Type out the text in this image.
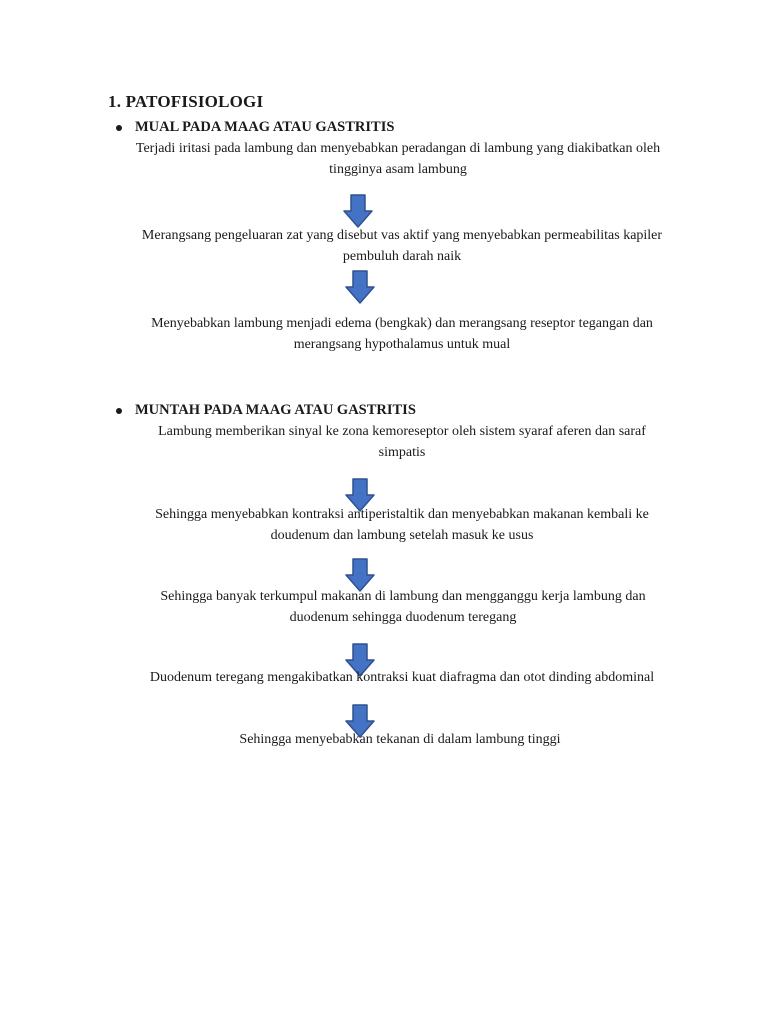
1. PATOFISIOLOGI
MUAL PADA MAAG ATAU GASTRITIS
Terjadi iritasi pada lambung dan menyebabkan peradangan di lambung yang diakibatkan oleh tingginya asam lambung
Merangsang pengeluaran zat yang disebut vas aktif yang menyebabkan permeabilitas kapiler pembuluh darah naik
Menyebabkan lambung menjadi edema (bengkak) dan merangsang reseptor tegangan dan merangsang hypothalamus untuk mual
MUNTAH PADA MAAG ATAU GASTRITIS
Lambung memberikan sinyal ke zona kemoreseptor oleh sistem syaraf aferen dan saraf simpatis
Sehingga menyebabkan kontraksi antiperistaltik dan menyebabkan makanan kembali ke doudenum dan lambung setelah masuk ke usus
Sehingga banyak terkumpul makanan di lambung dan mengganggu kerja lambung dan duodenum sehingga duodenum teregang
Duodenum teregang mengakibatkan kontraksi kuat diafragma dan otot dinding abdominal
Sehingga menyebabkan tekanan di dalam lambung tinggi
